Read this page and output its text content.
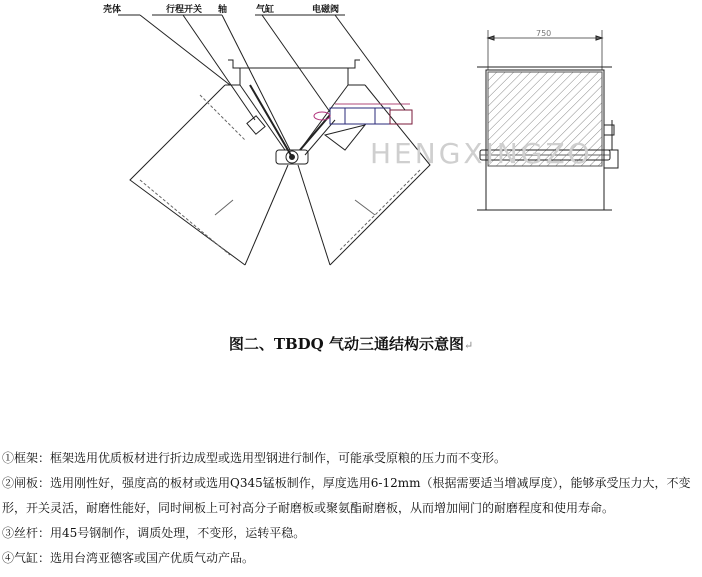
壳体	行程开关 轴	气缸	电磁阀
750
HENGXINGZO
图二、TBDQ 气动三通结构示意图↵

①框架：框架选用优质板材进行折边成型或选用型钢进行制作，可能承受原粮的压力而不变形。

②闸板：选用刚性好，强度高的板材或选用Q345锰板制作，厚度选用6-12mm（根据需要适当增减厚度），能够承受压力大，不变形，开关灵活，耐磨性能好，同时闸板上可衬高分子耐磨板或聚氨酯耐磨板，从而增加闸门的耐磨程度和使用寿命。

③丝杆：用45号钢制作，调质处理，不变形，运转平稳。

④气缸：选用台湾亚德客或国产优质气动产品。
